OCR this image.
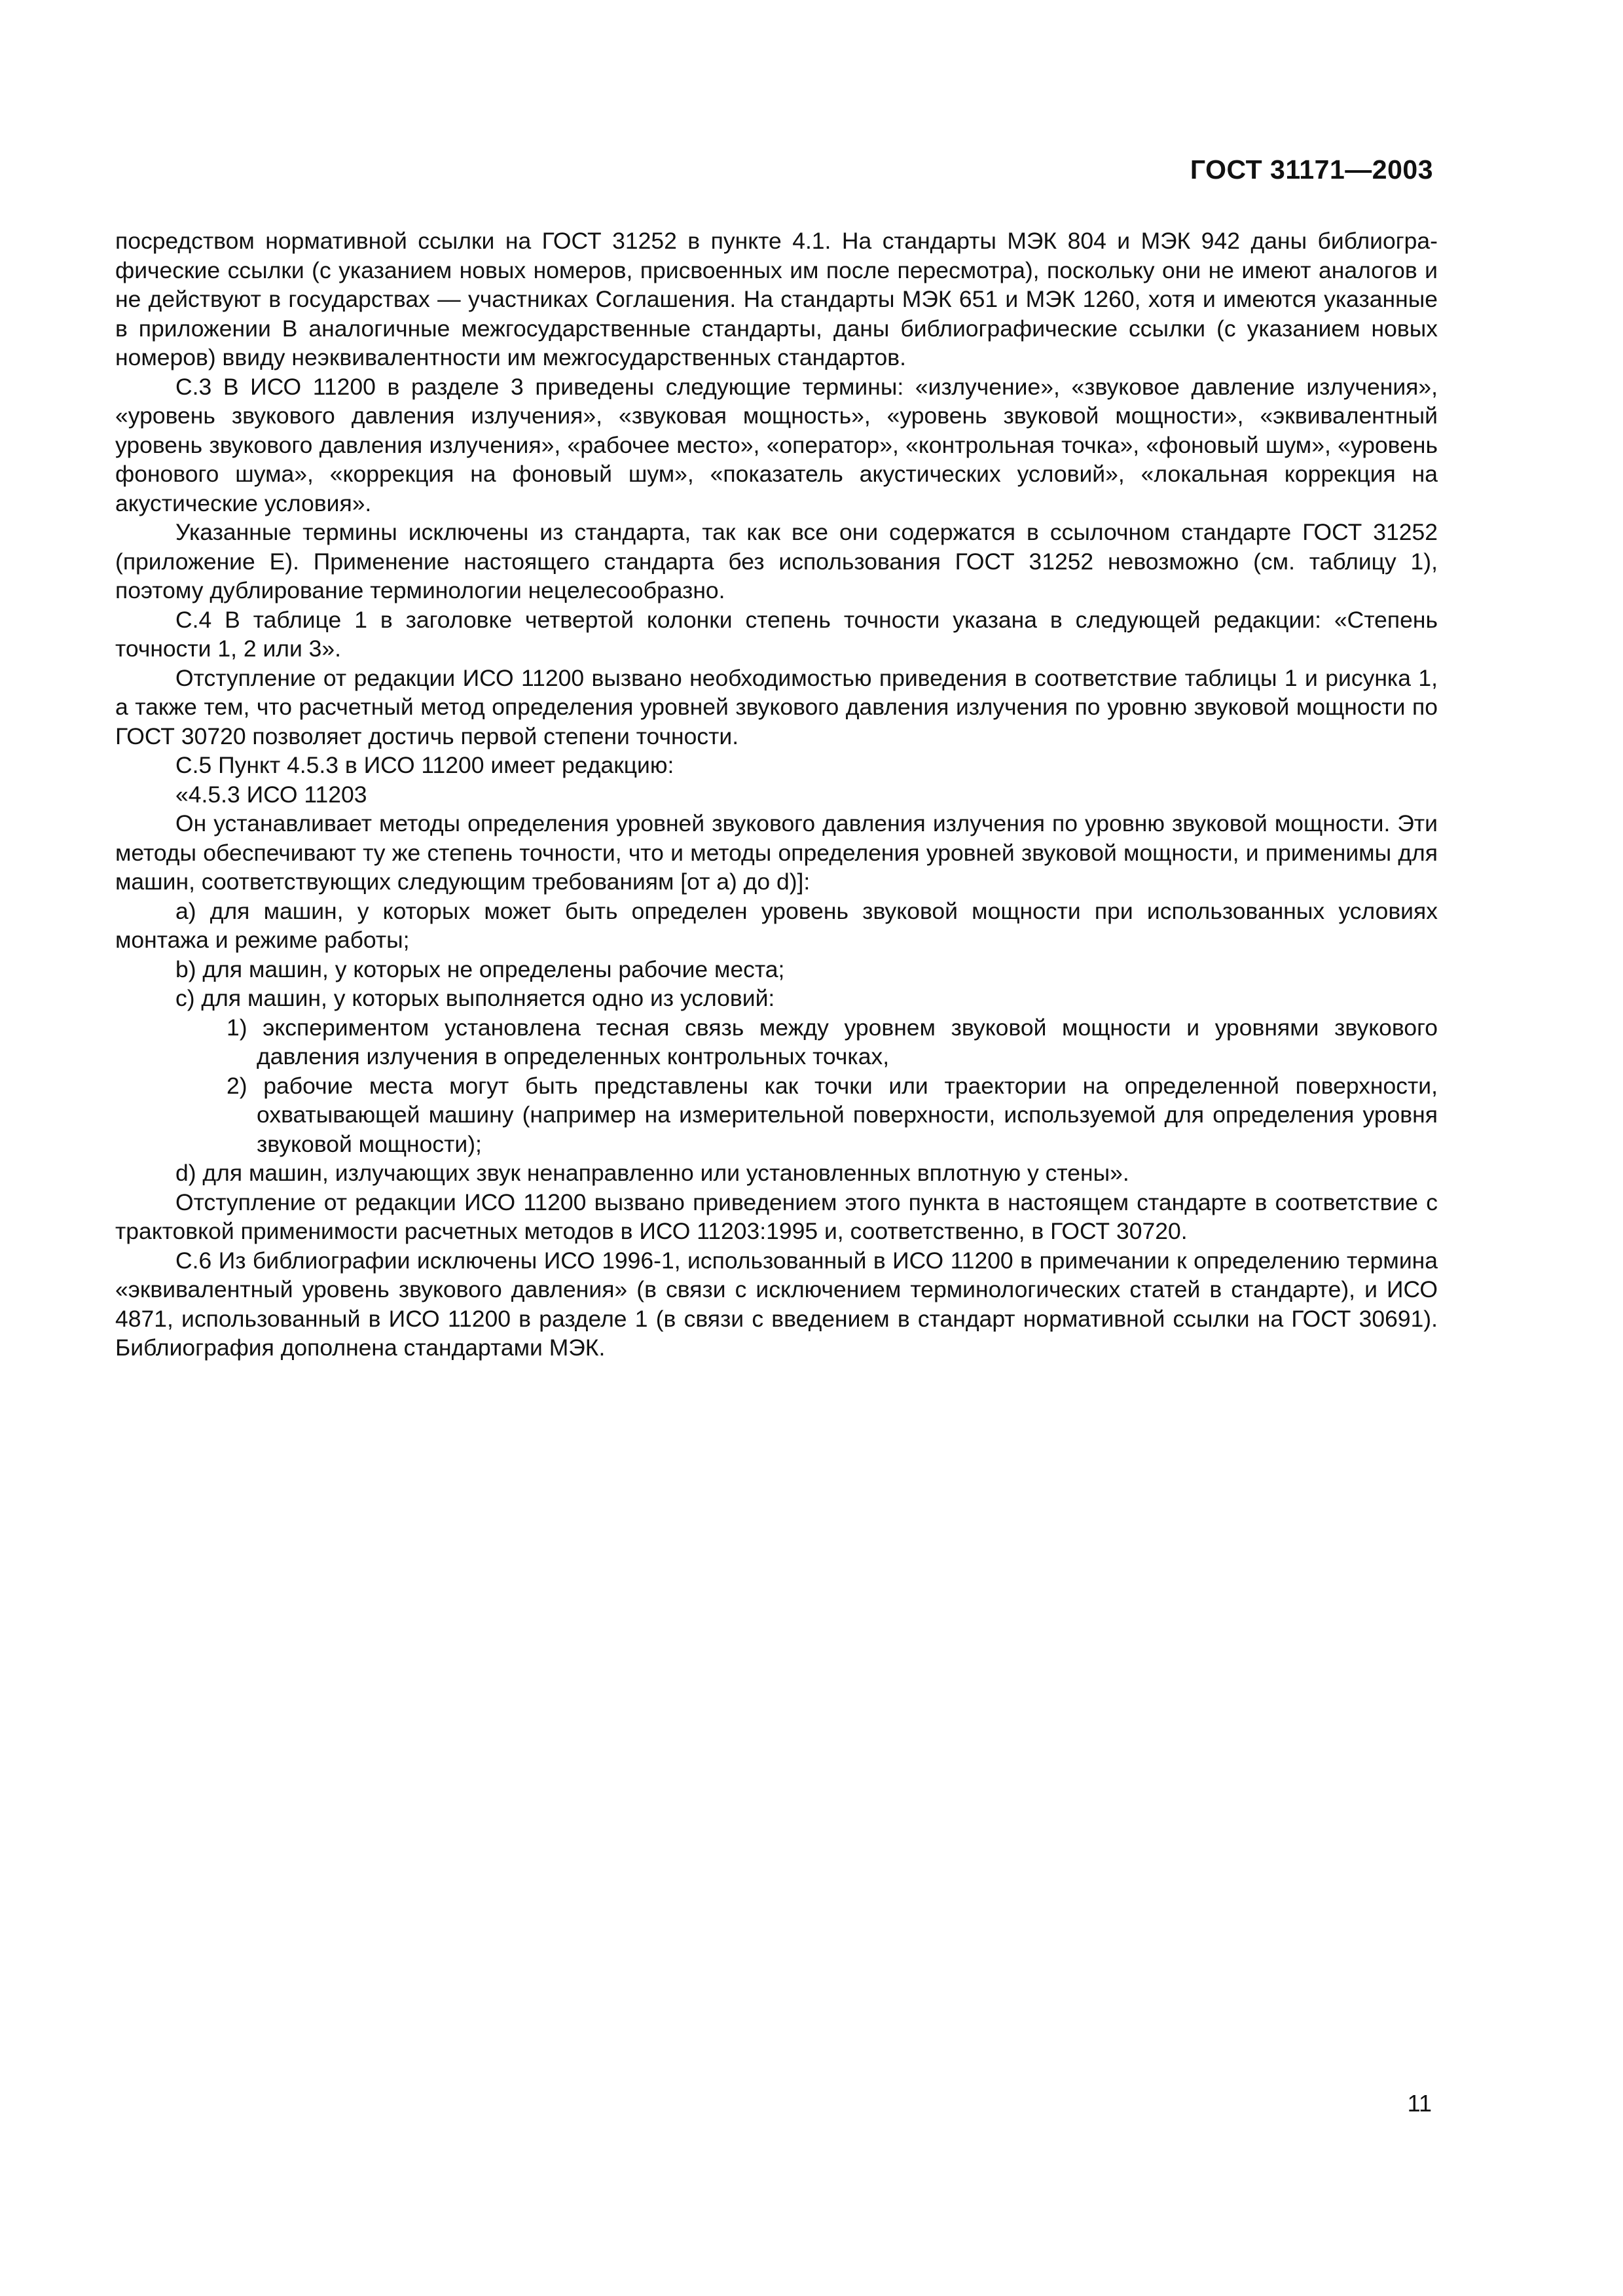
ГОСТ 31171—2003

посредством нормативной ссылки на ГОСТ 31252 в пункте 4.1. На стандарты МЭК 804 и МЭК 942 даны библиографические ссылки (с указанием новых номеров, присвоенных им после пересмотра), поскольку они не имеют аналогов и не действуют в государствах — участниках Соглашения. На стандарты МЭК 651 и МЭК 1260, хотя и имеются указанные в приложении В аналогичные межгосударственные стандарты, даны библиографические ссылки (с указанием новых номеров) ввиду неэквивалентности им межгосударственных стандартов.

С.3 В ИСО 11200 в разделе 3 приведены следующие термины: «излучение», «звуковое давление излучения», «уровень звукового давления излучения», «звуковая мощность», «уровень звуковой мощности», «эквивалентный уровень звукового давления излучения», «рабочее место», «оператор», «контрольная точка», «фоновый шум», «уровень фонового шума», «коррекция на фоновый шум», «показатель акустических условий», «локальная коррекция на акустические условия».

Указанные термины исключены из стандарта, так как все они содержатся в ссылочном стандарте ГОСТ 31252 (приложение Е). Применение настоящего стандарта без использования ГОСТ 31252 невозможно (см. таблицу 1), поэтому дублирование терминологии нецелесообразно.

С.4 В таблице 1 в заголовке четвертой колонки степень точности указана в следующей редакции: «Степень точности 1, 2 или 3».

Отступление от редакции ИСО 11200 вызвано необходимостью приведения в соответствие таблицы 1 и рисунка 1, а также тем, что расчетный метод определения уровней звукового давления излучения по уровню звуковой мощности по ГОСТ 30720 позволяет достичь первой степени точности.

С.5 Пункт 4.5.3 в ИСО 11200 имеет редакцию:

«4.5.3 ИСО 11203

Он устанавливает методы определения уровней звукового давления излучения по уровню звуковой мощности. Эти методы обеспечивают ту же степень точности, что и методы определения уровней звуковой мощности, и применимы для машин, соответствующих следующим требованиям [от а) до d)]:

а) для машин, у которых может быть определен уровень звуковой мощности при использованных условиях монтажа и режиме работы;

b) для машин, у которых не определены рабочие места;

с) для машин, у которых выполняется одно из условий:

1) экспериментом установлена тесная связь между уровнем звуковой мощности и уровнями звукового давления излучения в определенных контрольных точках,

2) рабочие места могут быть представлены как точки или траектории на определенной поверхности, охватывающей машину (например на измерительной поверхности, используемой для определения уровня звуковой мощности);

d) для машин, излучающих звук ненаправленно или установленных вплотную у стены».

Отступление от редакции ИСО 11200 вызвано приведением этого пункта в настоящем стандарте в соответствие с трактовкой применимости расчетных методов в ИСО 11203:1995 и, соответственно, в ГОСТ 30720.

С.6 Из библиографии исключены ИСО 1996-1, использованный в ИСО 11200 в примечании к определению термина «эквивалентный уровень звукового давления» (в связи с исключением терминологических статей в стандарте), и ИСО 4871, использованный в ИСО 11200 в разделе 1 (в связи с введением в стандарт нормативной ссылки на ГОСТ 30691). Библиография дополнена стандартами МЭК.

11
